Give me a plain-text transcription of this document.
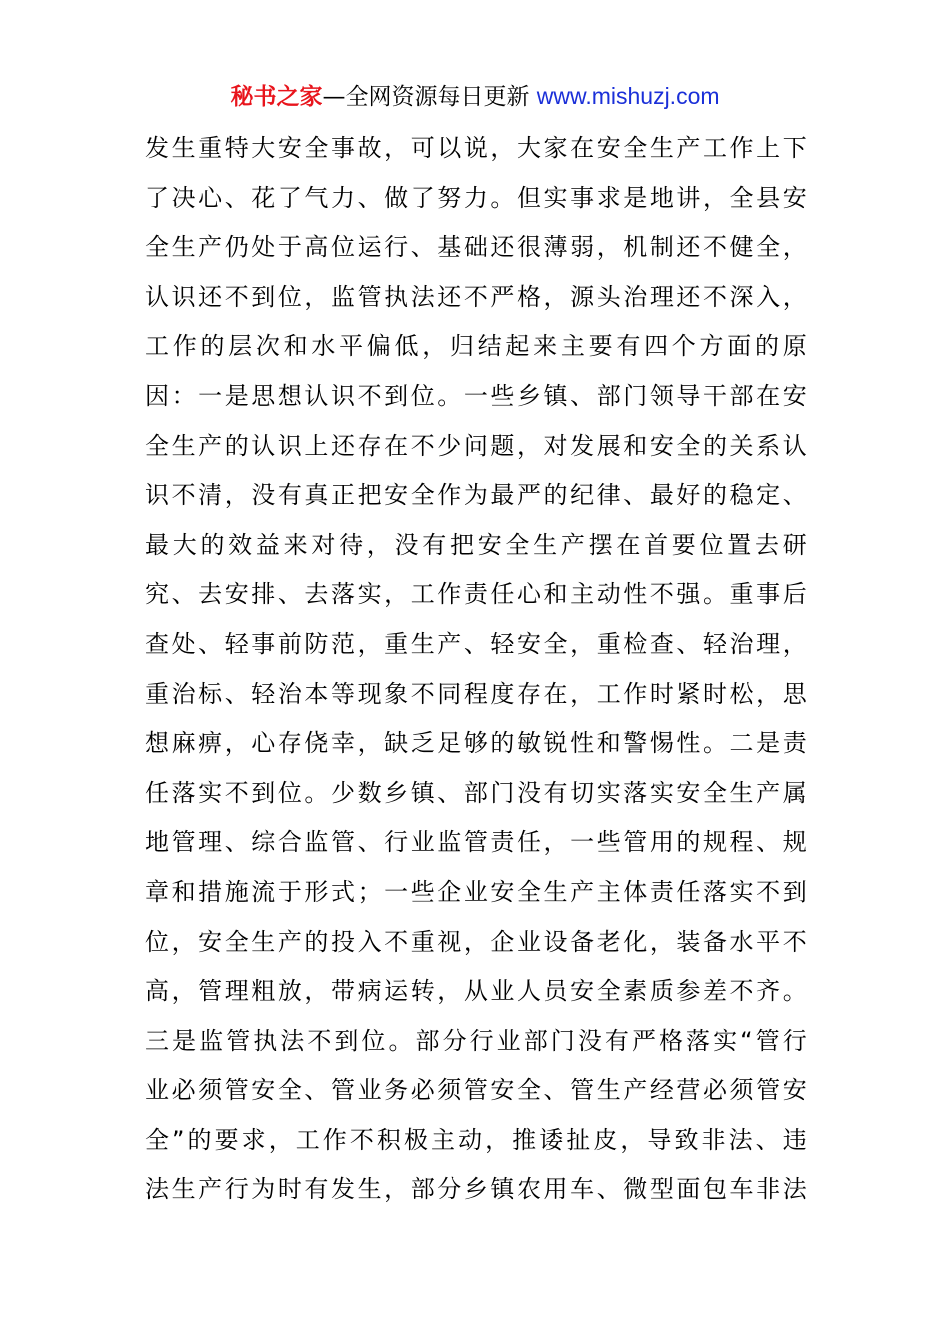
秘书之家—全网资源每日更新 www.mishuzj.com
发生重特大安全事故，可以说，大家在安全生产工作上下
了决心、花了气力、做了努力。但实事求是地讲，全县安
全生产仍处于高位运行、基础还很薄弱，机制还不健全，
认识还不到位，监管执法还不严格，源头治理还不深入，
工作的层次和水平偏低，归结起来主要有四个方面的原
因：一是思想认识不到位。一些乡镇、部门领导干部在安
全生产的认识上还存在不少问题，对发展和安全的关系认
识不清，没有真正把安全作为最严的纪律、最好的稳定、
最大的效益来对待，没有把安全生产摆在首要位置去研
究、去安排、去落实，工作责任心和主动性不强。重事后
查处、轻事前防范，重生产、轻安全，重检查、轻治理，
重治标、轻治本等现象不同程度存在，工作时紧时松，思
想麻痹，心存侥幸，缺乏足够的敏锐性和警惕性。二是责
任落实不到位。少数乡镇、部门没有切实落实安全生产属
地管理、综合监管、行业监管责任，一些管用的规程、规
章和措施流于形式；一些企业安全生产主体责任落实不到
位，安全生产的投入不重视，企业设备老化，装备水平不
高，管理粗放，带病运转，从业人员安全素质参差不齐。
三是监管执法不到位。部分行业部门没有严格落实“管行
业必须管安全、管业务必须管安全、管生产经营必须管安
全”的要求，工作不积极主动，推诿扯皮，导致非法、违
法生产行为时有发生，部分乡镇农用车、微型面包车非法
